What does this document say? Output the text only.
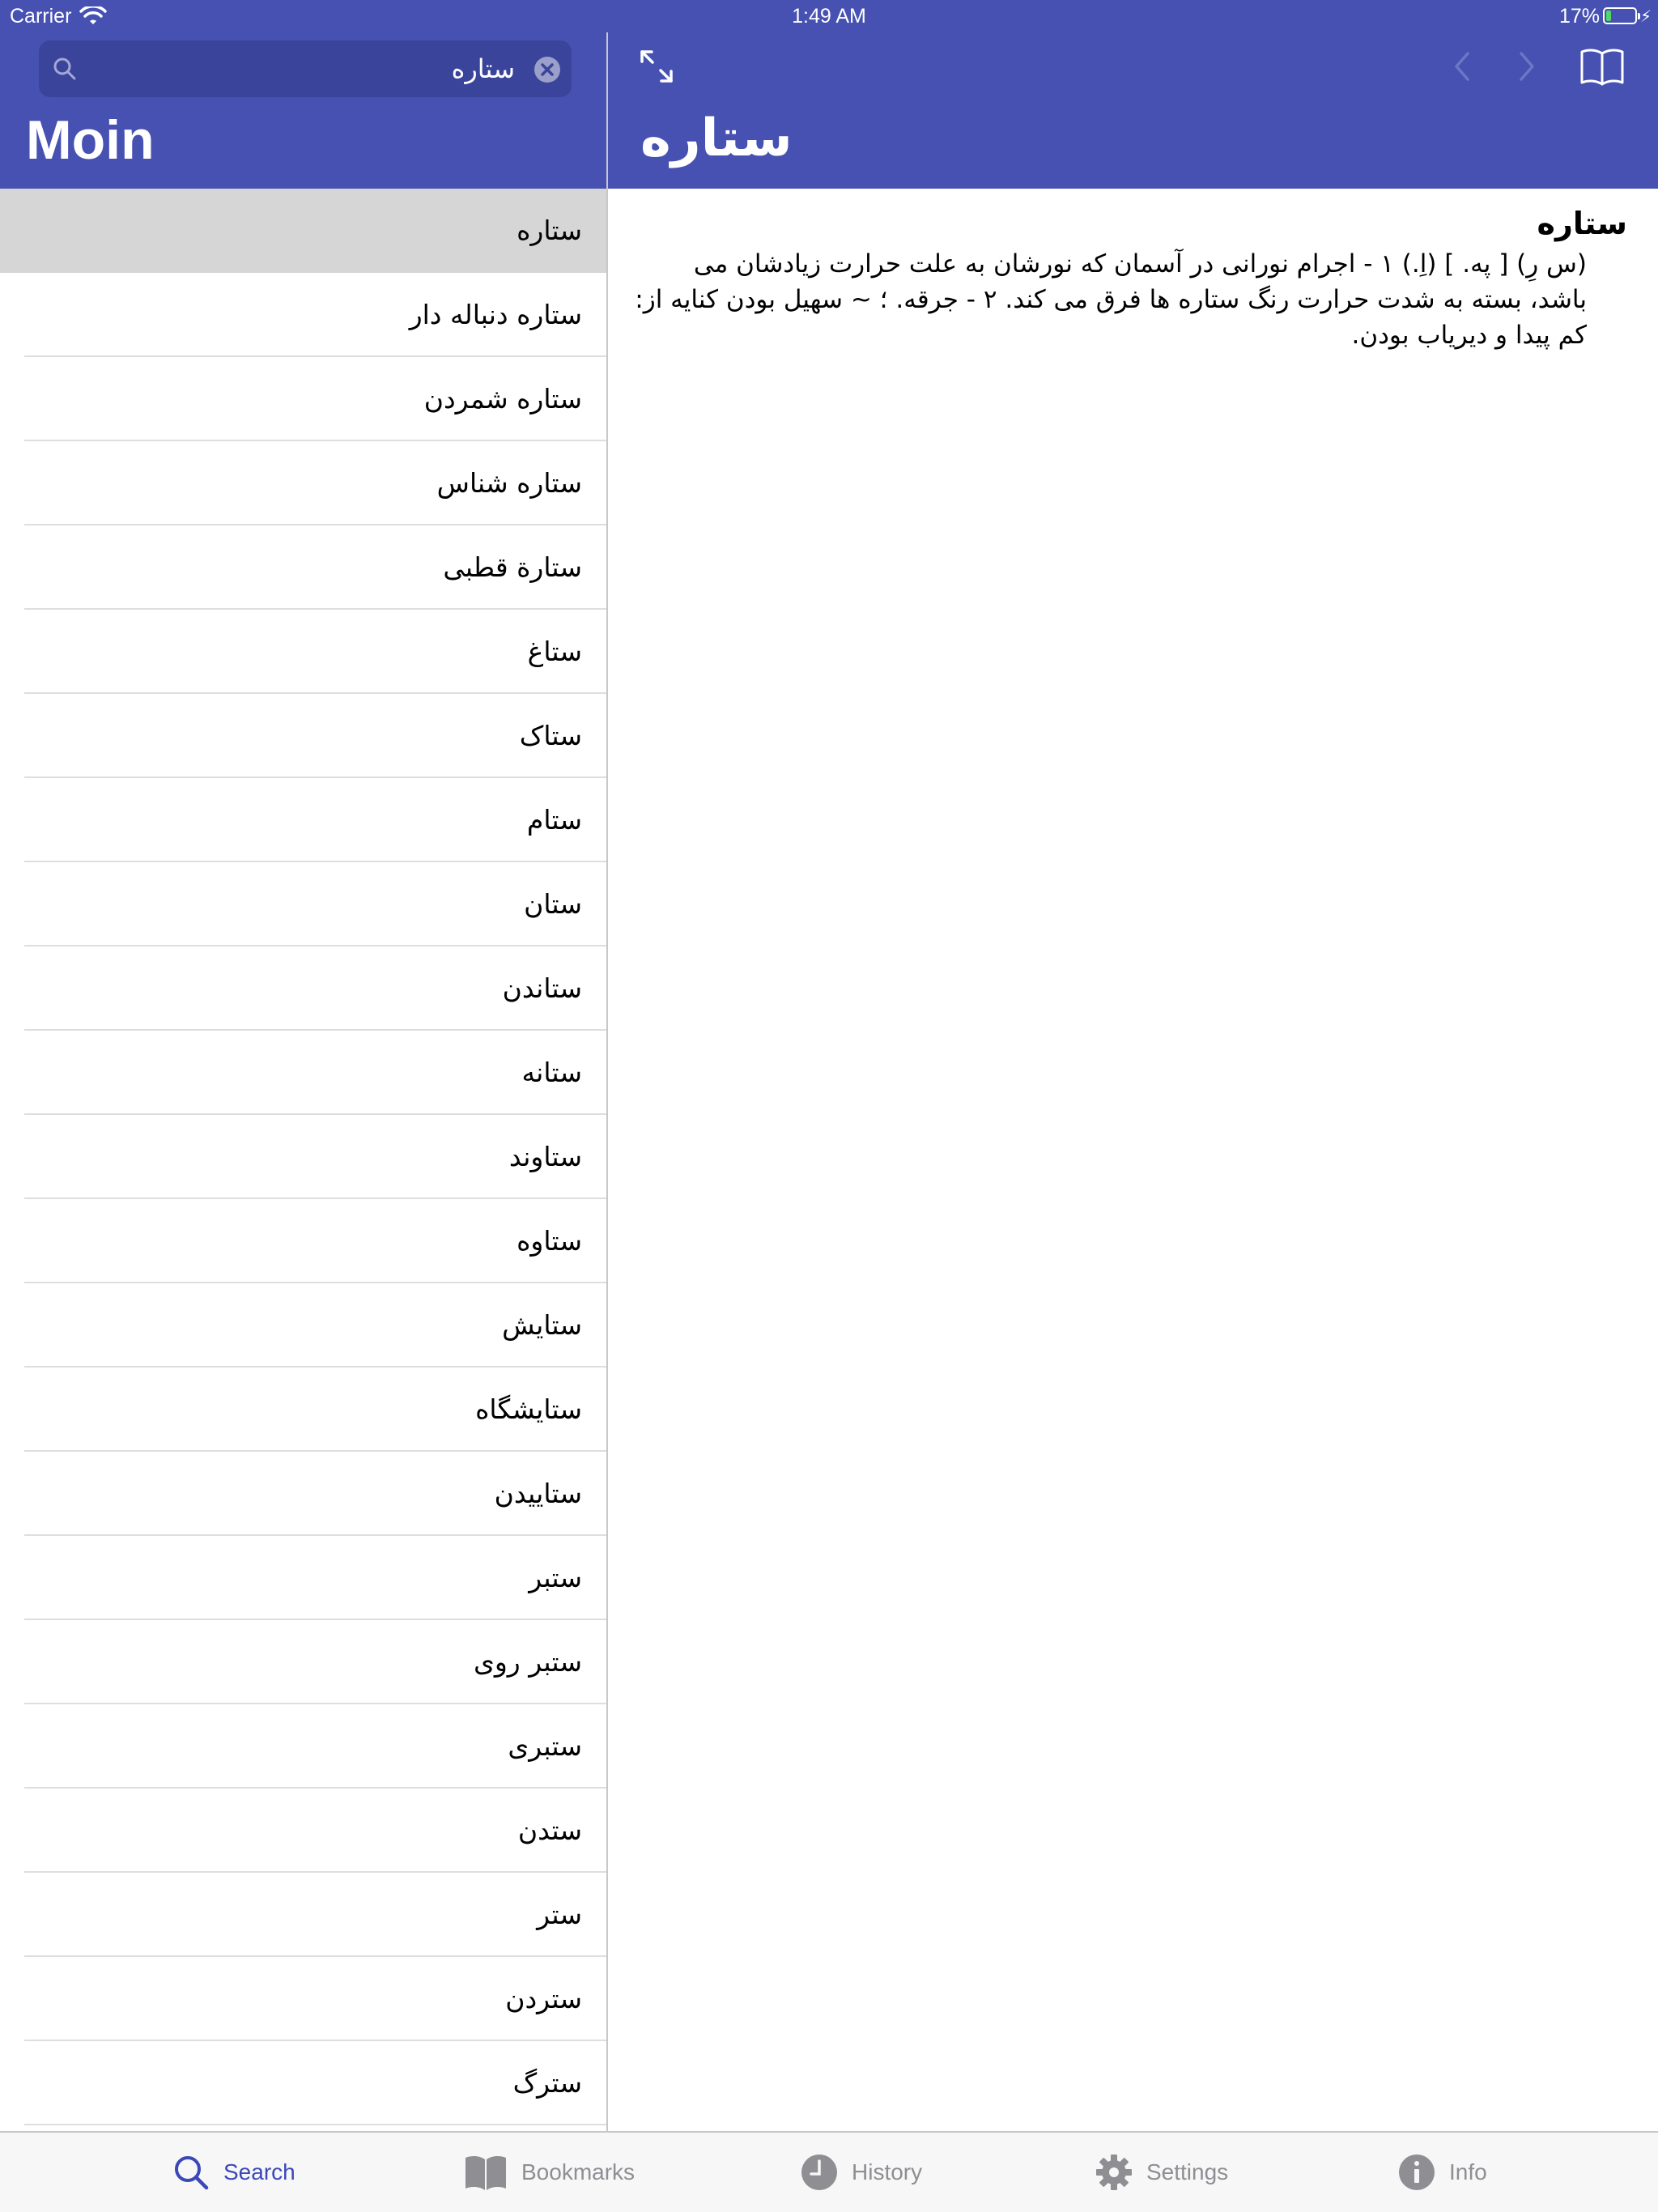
Carrier	1:49 AM	17% ⚡
ستاره
Moin	ستاره
ستاره
ستاره دنباله دار
ستاره شمردن
ستاره شناس
ستارة قطبی
ستاغ
ستاک
ستام
ستان
ستاندن
ستانه
ستاوند
ستاوه
ستایش
ستایشگاه
ستاییدن
ستبر
ستبر روی
ستبری
ستدن
ستر
ستردن
سترگ
ستاره
(س رِ) [ په. ] (اِ.) ۱ - اجرام نورانی در آسمان که نورشان به علت حرارت زیادشان می باشد، بسته به شدت حرارت رنگ ستاره ها فرق می کند. ۲ - جرقه. ؛ ~ سهیل بودن کنایه از: کم پیدا و دیریاب بودن.
Search	Bookmarks	History	Settings	Info
